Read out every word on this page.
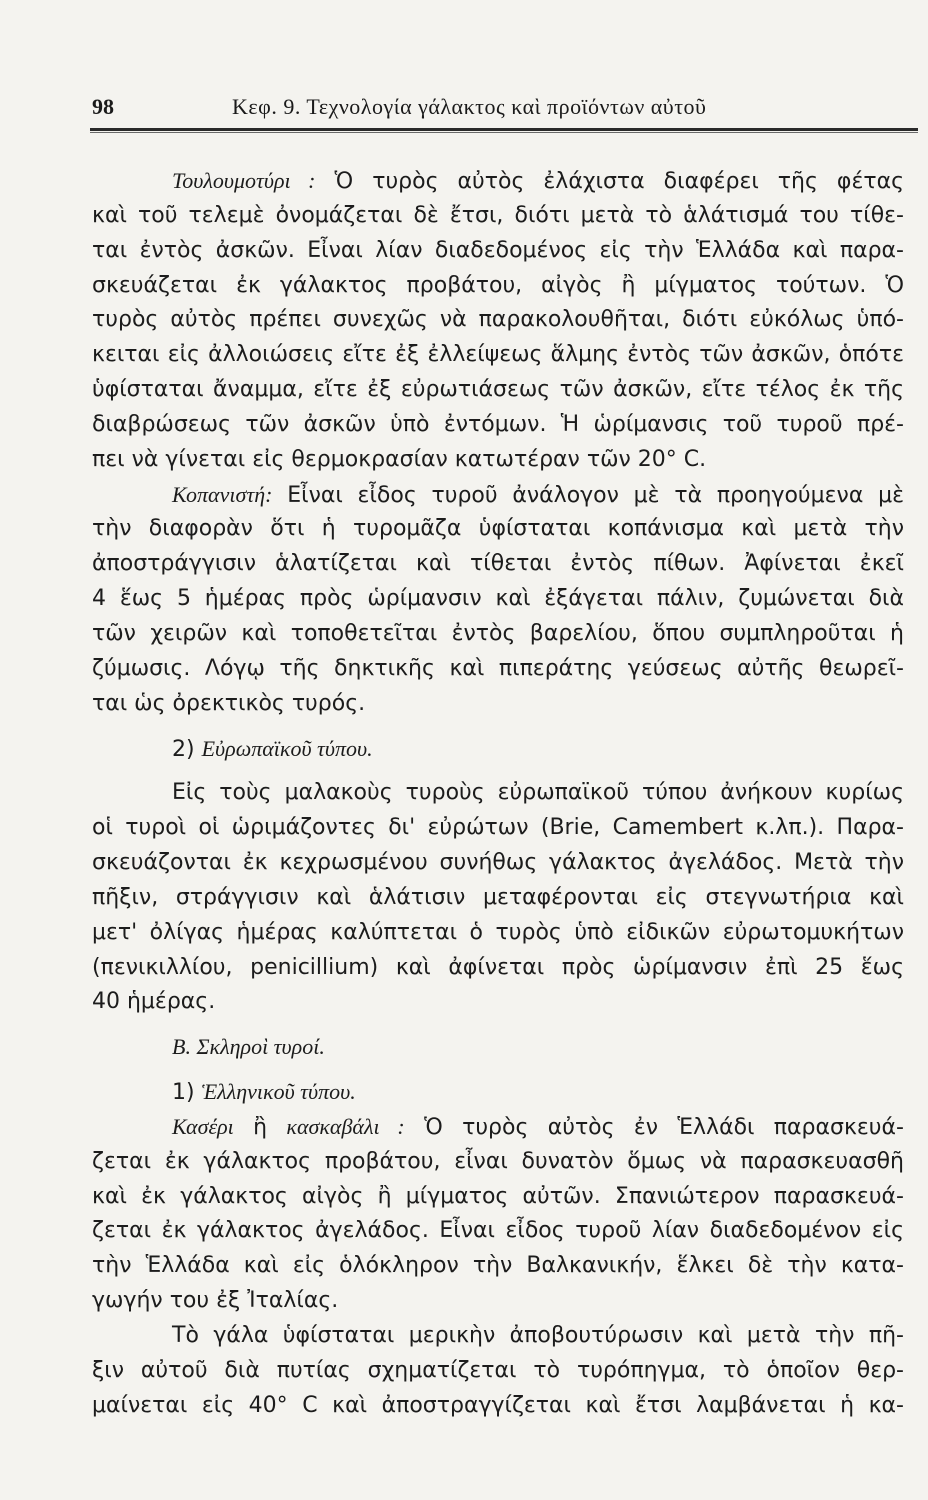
98	Κεφ. 9. Τεχνολογία γάλακτος καὶ προϊόντων αὐτοῦ
Τουλουμοτύρι : Ὁ τυρὸς αὐτὸς ἐλάχιστα διαφέρει τῆς φέτας
καὶ τοῦ τελεμὲ ὀνομάζεται δὲ ἔτσι, διότι μετὰ τὸ ἁλάτισμά του τίθε-
ται ἐντὸς ἀσκῶν. Εἶναι λίαν διαδεδομένος εἰς τὴν Ἑλλάδα καὶ παρα-
σκευάζεται ἐκ γάλακτος προβάτου, αἰγὸς ἢ μίγματος τούτων. Ὁ
τυρὸς αὐτὸς πρέπει συνεχῶς νὰ παρακολουθῆται, διότι εὐκόλως ὑπό-
κειται εἰς ἀλλοιώσεις εἴτε ἐξ ἐλλείψεως ἅλμης ἐντὸς τῶν ἀσκῶν, ὁπότε
ὑφίσταται ἄναμμα, εἴτε ἐξ εὐρωτιάσεως τῶν ἀσκῶν, εἴτε τέλος ἐκ τῆς
διαβρώσεως τῶν ἀσκῶν ὑπὸ ἐντόμων. Ἡ ὡρίμανσις τοῦ τυροῦ πρέ-
πει νὰ γίνεται εἰς θερμοκρασίαν κατωτέραν τῶν 20° C.
Κοπανιστή: Εἶναι εἶδος τυροῦ ἀνάλογον μὲ τὰ προηγούμενα μὲ
τὴν διαφορὰν ὅτι ἡ τυρομᾶζα ὑφίσταται κοπάνισμα καὶ μετὰ τὴν
ἀποστράγγισιν ἁλατίζεται καὶ τίθεται ἐντὸς πίθων. Ἀφίνεται ἐκεῖ
4 ἕως 5 ἡμέρας πρὸς ὡρίμανσιν καὶ ἐξάγεται πάλιν, ζυμώνεται διὰ
τῶν χειρῶν καὶ τοποθετεῖται ἐντὸς βαρελίου, ὅπου συμπληροῦται ἡ
ζύμωσις. Λόγῳ τῆς δηκτικῆς καὶ πιπεράτης γεύσεως αὐτῆς θεωρεῖ-
ται ὡς ὀρεκτικὸς τυρός.
2) Εὐρωπαϊκοῦ τύπου.
Εἰς τοὺς μαλακοὺς τυροὺς εὐρωπαϊκοῦ τύπου ἀνήκουν κυρίως
οἱ τυροὶ οἱ ὡριμάζοντες δι' εὐρώτων (Brie, Camembert κ.λπ.). Παρα-
σκευάζονται ἐκ κεχρωσμένου συνήθως γάλακτος ἀγελάδος. Μετὰ τὴν
πῆξιν, στράγγισιν καὶ ἁλάτισιν μεταφέρονται εἰς στεγνωτήρια καὶ
μετ' ὀλίγας ἡμέρας καλύπτεται ὁ τυρὸς ὑπὸ εἰδικῶν εὐρωτομυκήτων
(πενικιλλίου, penicillium) καὶ ἀφίνεται πρὸς ὡρίμανσιν ἐπὶ 25 ἕως
40 ἡμέρας.
B. Σκληροὶ τυροί.
1) Ἑλληνικοῦ τύπου.
Κασέρι ἢ κασκαβάλι : Ὁ τυρὸς αὐτὸς ἐν Ἑλλάδι παρασκευά-
ζεται ἐκ γάλακτος προβάτου, εἶναι δυνατὸν ὅμως νὰ παρασκευασθῆ
καὶ ἐκ γάλακτος αἰγὸς ἢ μίγματος αὐτῶν. Σπανιώτερον παρασκευά-
ζεται ἐκ γάλακτος ἀγελάδος. Εἶναι εἶδος τυροῦ λίαν διαδεδομένον εἰς
τὴν Ἑλλάδα καὶ εἰς ὁλόκληρον τὴν Βαλκανικήν, ἕλκει δὲ τὴν κατα-
γωγήν του ἐξ Ἰταλίας.
Τὸ γάλα ὑφίσταται μερικὴν ἀποβουτύρωσιν καὶ μετὰ τὴν πῆ-
ξιν αὐτοῦ διὰ πυτίας σχηματίζεται τὸ τυρόπηγμα, τὸ ὁποῖον θερ-
μαίνεται εἰς 40° C καὶ ἀποστραγγίζεται καὶ ἔτσι λαμβάνεται ἡ κα-
